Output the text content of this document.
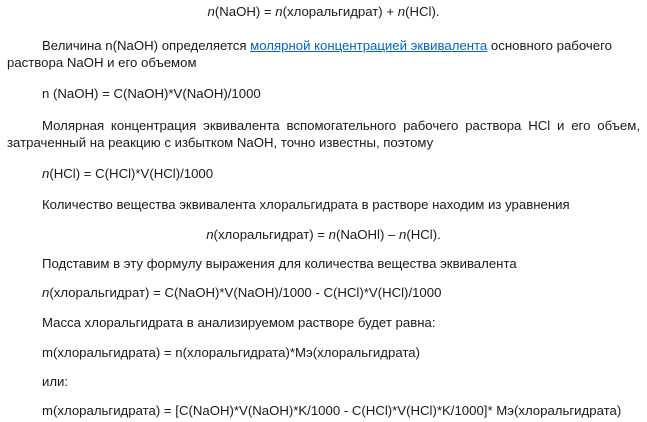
n(NaOH) = n(хлоральгидрат) + n(HCl).
Величина n(NaOH) определяется молярной концентрацией эквивалента основного рабочего
раствора NaOH и его объемом
n (NaOH) = C(NaOH)*V(NaOH)/1000
Молярная концентрация эквивалента вспомогательного рабочего раствора HCl и его объем,
затраченный на реакцию с избытком NaOH, точно известны, поэтому
n(HCl) = C(HCl)*V(HCl)/1000
Количество вещества эквивалента хлоральгидрата в растворе находим из уравнения
n(хлоральгидрат) = n(NaOHl) – n(HCl).
Подставим в эту формулу выражения для количества вещества эквивалента
n(хлоральгидрат) = C(NaOH)*V(NaOH)/1000 - C(HCl)*V(HCl)/1000
Масса хлоральгидрата в анализируемом растворе будет равна:
m(хлоральгидрата) = n(хлоральгидрата)*Mэ(хлоральгидрата)
или:
m(хлоральгидрата) = [C(NaOH)*V(NaOH)*K/1000 - C(HCl)*V(HCl)*K/1000]* Mэ(хлоральгидрата)
